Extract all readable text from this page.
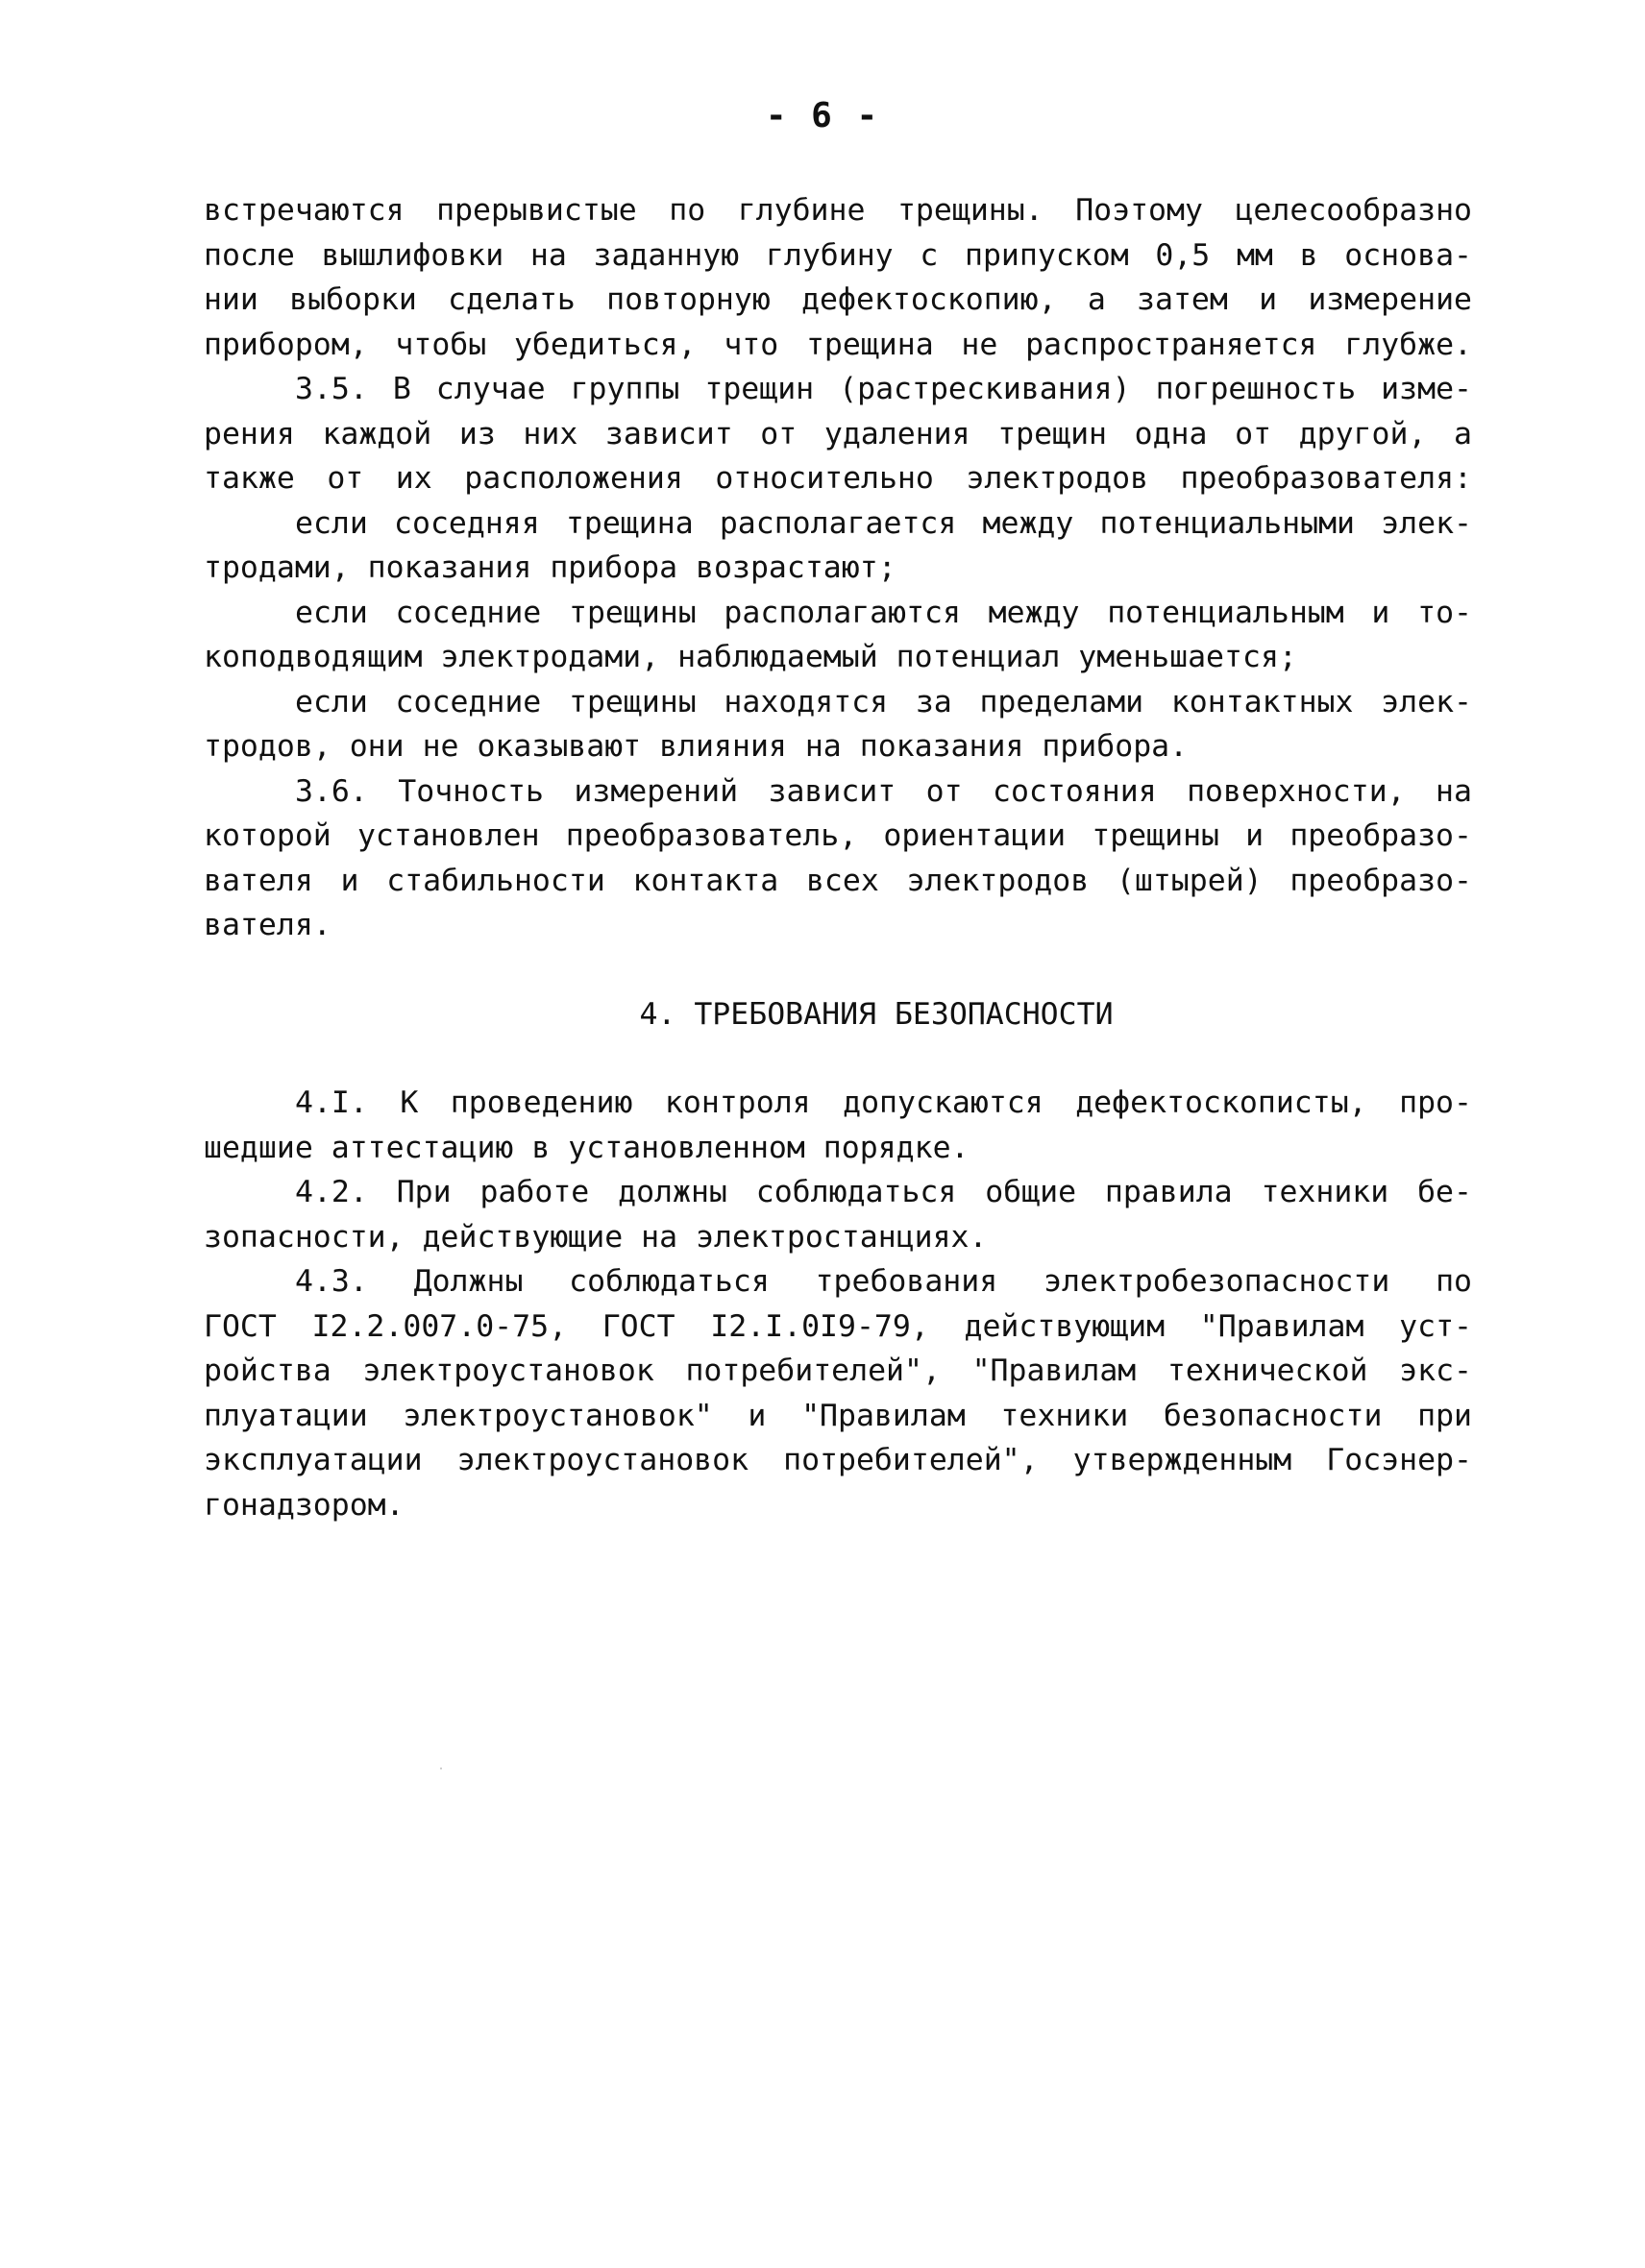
- 6 -
встречаются прерывистые по глубине трещины. Поэтому целесообразно
после вышлифовки на заданную глубину с припуском 0,5 мм в основа-
нии выборки сделать повторную дефектоскопию, а затем и измерение
прибором, чтобы убедиться, что трещина не распространяется глубже.
3.5. В случае группы трещин (растрескивания) погрешность изме-
рения каждой из них зависит от удаления трещин одна от другой, а
также от их расположения относительно электродов преобразователя:
если соседняя трещина располагается между потенциальными элек-
тродами, показания прибора возрастают;
если соседние трещины располагаются между потенциальным и то-
коподводящим электродами, наблюдаемый потенциал уменьшается;
если соседние трещины находятся за пределами контактных элек-
тродов, они не оказывают влияния на показания прибора.
3.6. Точность измерений зависит от состояния поверхности, на
которой установлен преобразователь, ориентации трещины и преобразо-
вателя и стабильности контакта всех электродов (штырей) преобразо-
вателя.
4. ТРЕБОВАНИЯ БЕЗОПАСНОСТИ
4.I. К проведению контроля допускаются дефектоскописты, про-
шедшие аттестацию в установленном порядке.
4.2. При работе должны соблюдаться общие правила техники бе-
зопасности, действующие на электростанциях.
4.3. Должны соблюдаться требования электробезопасности по
ГОСТ I2.2.007.0-75, ГОСТ I2.I.0I9-79, действующим "Правилам уст-
ройства электроустановок потребителей", "Правилам технической экс-
плуатации электроустановок" и "Правилам техники безопасности при
эксплуатации электроустановок потребителей", утвержденным Госэнер-
гонадзором.
